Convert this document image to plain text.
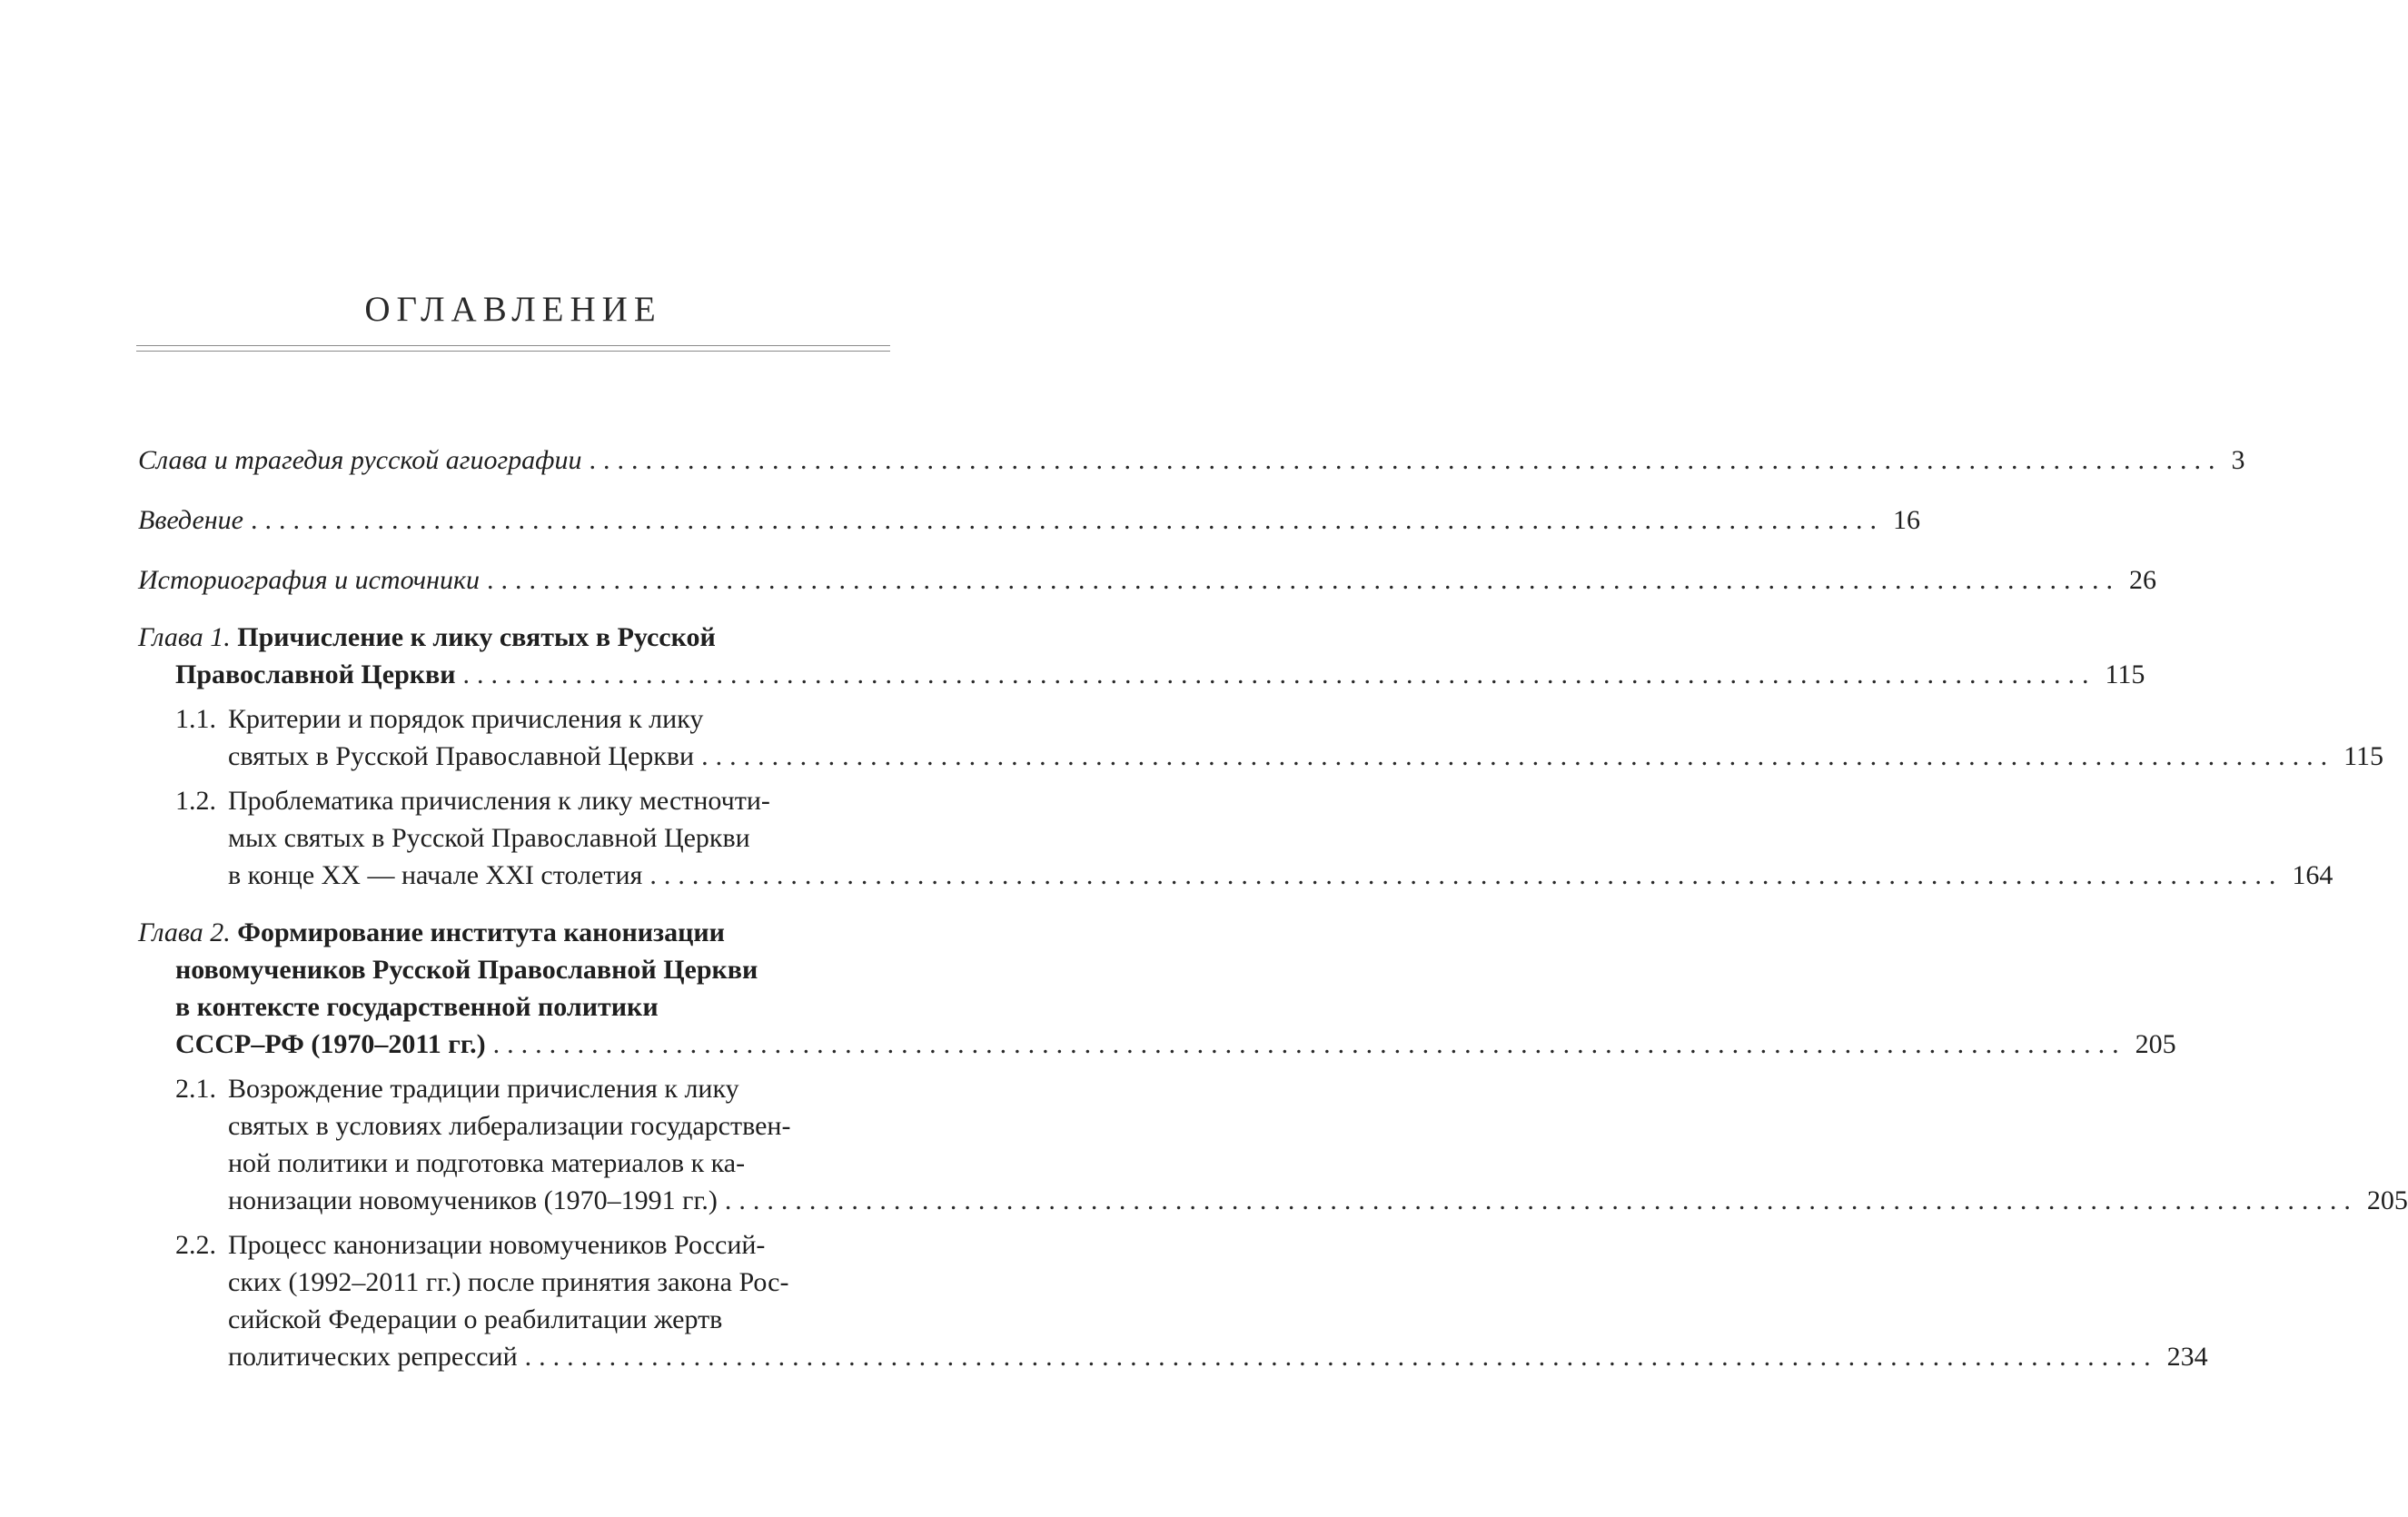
ОГЛАВЛЕНИЕ
Слава и трагедия русской агиографии .................................................................................................................... 3
Введение .................................................................................................................... 16
Историография и источники .................................................................................................................... 26
Глава 1. Причисление к лику святых в Русской
Православной Церкви .................................................................................................................... 115
1.1. Критерии и порядок причисления к лику
святых в Русской Православной Церкви .................................................................................................................... 115
1.2. Проблематика причисления к лику местночти-
мых святых в Русской Православной Церкви
в конце XX — начале XXI столетия .................................................................................................................... 164
Глава 2. Формирование института канонизации
новомучеников Русской Православной Церкви
в контексте государственной политики
СССР–РФ (1970–2011 гг.) .................................................................................................................... 205
2.1. Возрождение традиции причисления к лику
святых в условиях либерализации государствен-
ной политики и подготовка материалов к ка-
нонизации новомучеников (1970–1991 гг.) .................................................................................................................... 205
2.2. Процесс канонизации новомучеников Россий-
ских (1992–2011 гг.) после принятия закона Рос-
сийской Федерации о реабилитации жертв
политических репрессий .................................................................................................................... 234
